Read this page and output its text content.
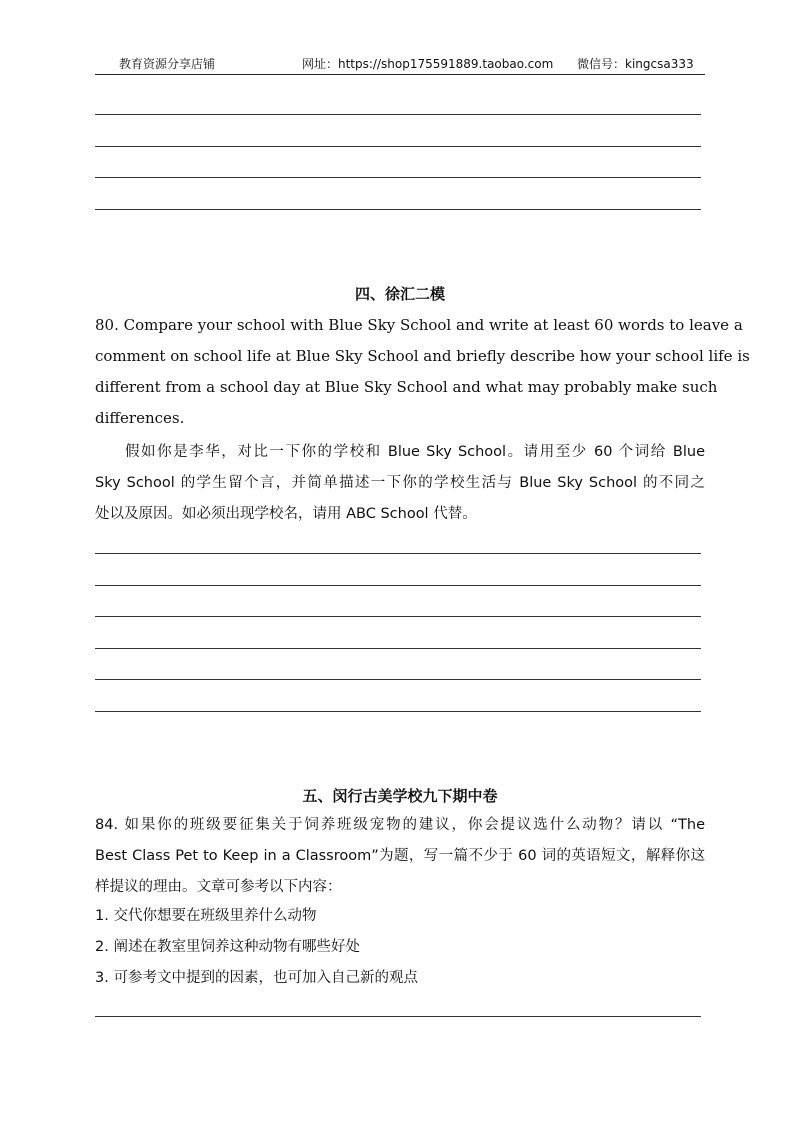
教育资源分享店铺	网址：https://shop175591889.taobao.com 微信号：kingcsa333
四、徐汇二模
80. Compare your school with Blue Sky School and write at least 60 words to leave a
comment on school life at Blue Sky School and briefly describe how your school life is
different from a school day at Blue Sky School and what may probably make such
differences.
假如你是李华，对比一下你的学校和 Blue Sky School。请用至少 60 个词给 Blue
Sky School 的学生留个言，并简单描述一下你的学校生活与 Blue Sky School 的不同之
处以及原因。如必须出现学校名，请用 ABC School 代替。
五、闵行古美学校九下期中卷
84. 如果你的班级要征集关于饲养班级宠物的建议，你会提议选什么动物？请以 “The
Best Class Pet to Keep in a Classroom”为题，写一篇不少于 60 词的英语短文，解释你这
样提议的理由。文章可参考以下内容：
1. 交代你想要在班级里养什么动物
2. 阐述在教室里饲养这种动物有哪些好处
3. 可参考文中提到的因素，也可加入自己新的观点
